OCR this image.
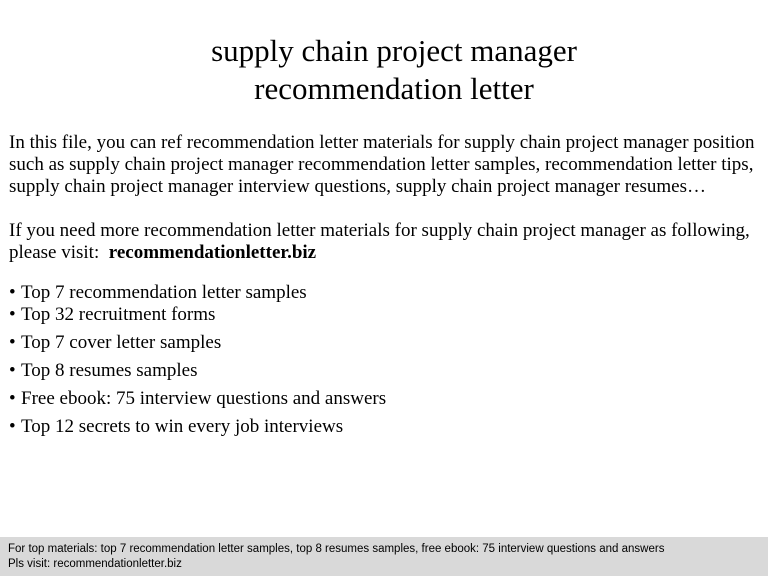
supply chain project manager
recommendation letter

In this file, you can ref recommendation letter materials for supply chain project manager position such as supply chain project manager recommendation letter samples, recommendation letter tips, supply chain project manager interview questions, supply chain project manager resumes…

If you need more recommendation letter materials for supply chain project manager as following, please visit: recommendationletter.biz

• Top 7 recommendation letter samples
• Top 32 recruitment forms
• Top 7 cover letter samples
• Top 8 resumes samples
• Free ebook: 75 interview questions and answers
• Top 12 secrets to win every job interviews
For top materials: top 7 recommendation letter samples, top 8 resumes samples, free ebook: 75 interview questions and answers
Pls visit: recommendationletter.biz
